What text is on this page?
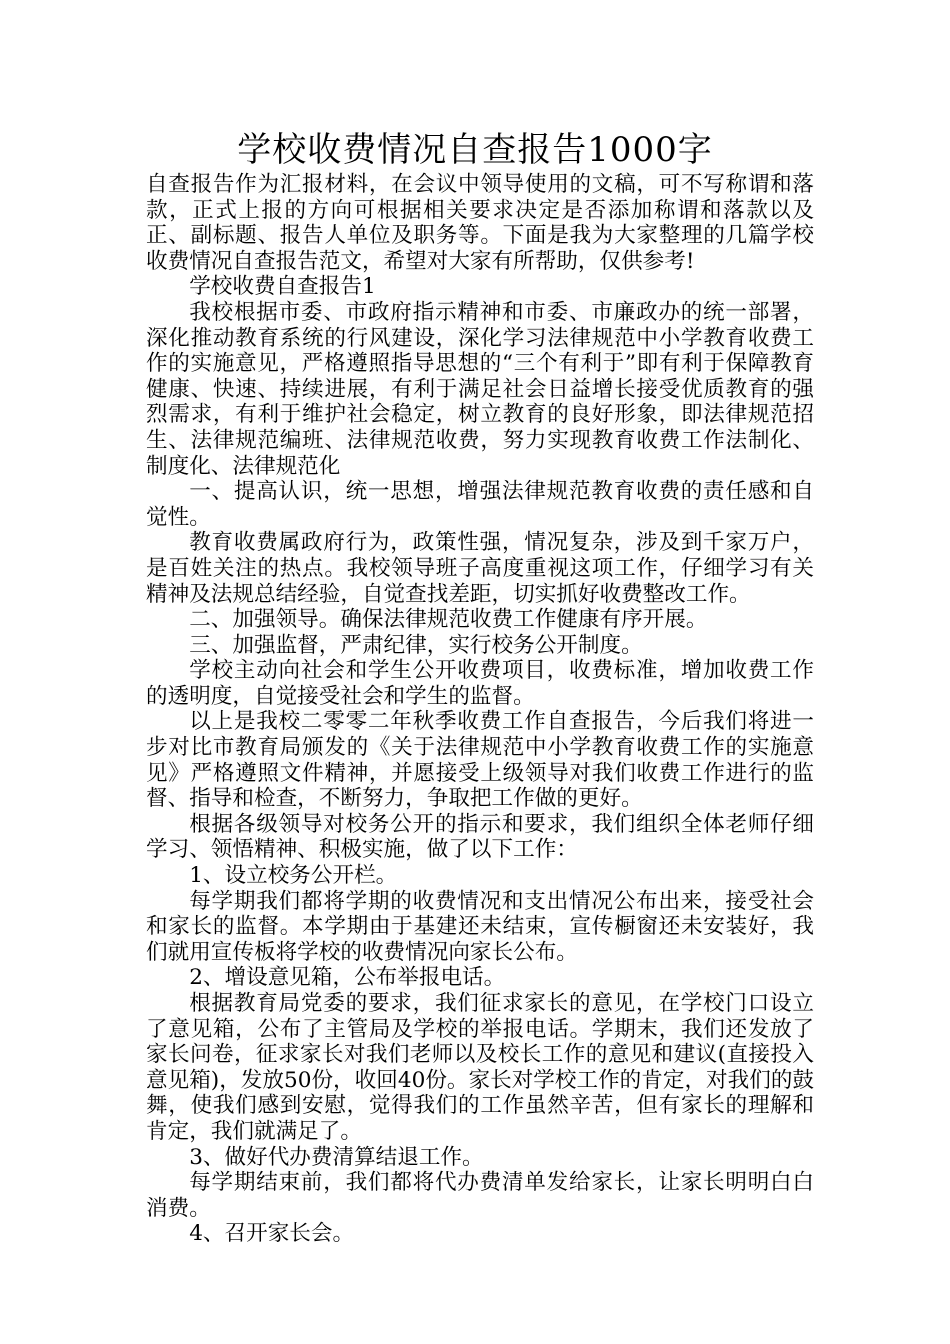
学校收费情况自查报告1000字

自查报告作为汇报材料，在会议中领导使用的文稿，可不写称谓和落款，正式上报的方向可根据相关要求决定是否添加称谓和落款以及正、副标题、报告人单位及职务等。下面是我为大家整理的几篇学校收费情况自查报告范文，希望对大家有所帮助，仅供参考!

学校收费自查报告1

我校根据市委、市政府指示精神和市委、市廉政办的统一部署，深化推动教育系统的行风建设，深化学习法律规范中小学教育收费工作的实施意见，严格遵照指导思想的“三个有利于”即有利于保障教育健康、快速、持续进展，有利于满足社会日益增长接受优质教育的强烈需求，有利于维护社会稳定，树立教育的良好形象，即法律规范招生、法律规范编班、法律规范收费，努力实现教育收费工作法制化、制度化、法律规范化

一、提高认识，统一思想，增强法律规范教育收费的责任感和自觉性。

教育收费属政府行为，政策性强，情况复杂，涉及到千家万户，是百姓关注的热点。我校领导班子高度重视这项工作，仔细学习有关精神及法规总结经验，自觉查找差距，切实抓好收费整改工作。

二、加强领导。确保法律规范收费工作健康有序开展。

三、加强监督，严肃纪律，实行校务公开制度。

学校主动向社会和学生公开收费项目，收费标准，增加收费工作的透明度，自觉接受社会和学生的监督。

以上是我校二零零二年秋季收费工作自查报告，今后我们将进一步对比市教育局颁发的《关于法律规范中小学教育收费工作的实施意见》严格遵照文件精神，并愿接受上级领导对我们收费工作进行的监督、指导和检查，不断努力，争取把工作做的更好。

根据各级领导对校务公开的指示和要求，我们组织全体老师仔细学习、领悟精神、积极实施，做了以下工作：

1、设立校务公开栏。

每学期我们都将学期的收费情况和支出情况公布出来，接受社会和家长的监督。本学期由于基建还未结束，宣传橱窗还未安装好，我们就用宣传板将学校的收费情况向家长公布。

2、增设意见箱，公布举报电话。

根据教育局党委的要求，我们征求家长的意见，在学校门口设立了意见箱，公布了主管局及学校的举报电话。学期末，我们还发放了家长问卷，征求家长对我们老师以及校长工作的意见和建议(直接投入意见箱)，发放50份，收回40份。家长对学校工作的肯定，对我们的鼓舞，使我们感到安慰，觉得我们的工作虽然辛苦，但有家长的理解和肯定，我们就满足了。

3、做好代办费清算结退工作。

每学期结束前，我们都将代办费清单发给家长，让家长明明白白消费。

4、召开家长会。
